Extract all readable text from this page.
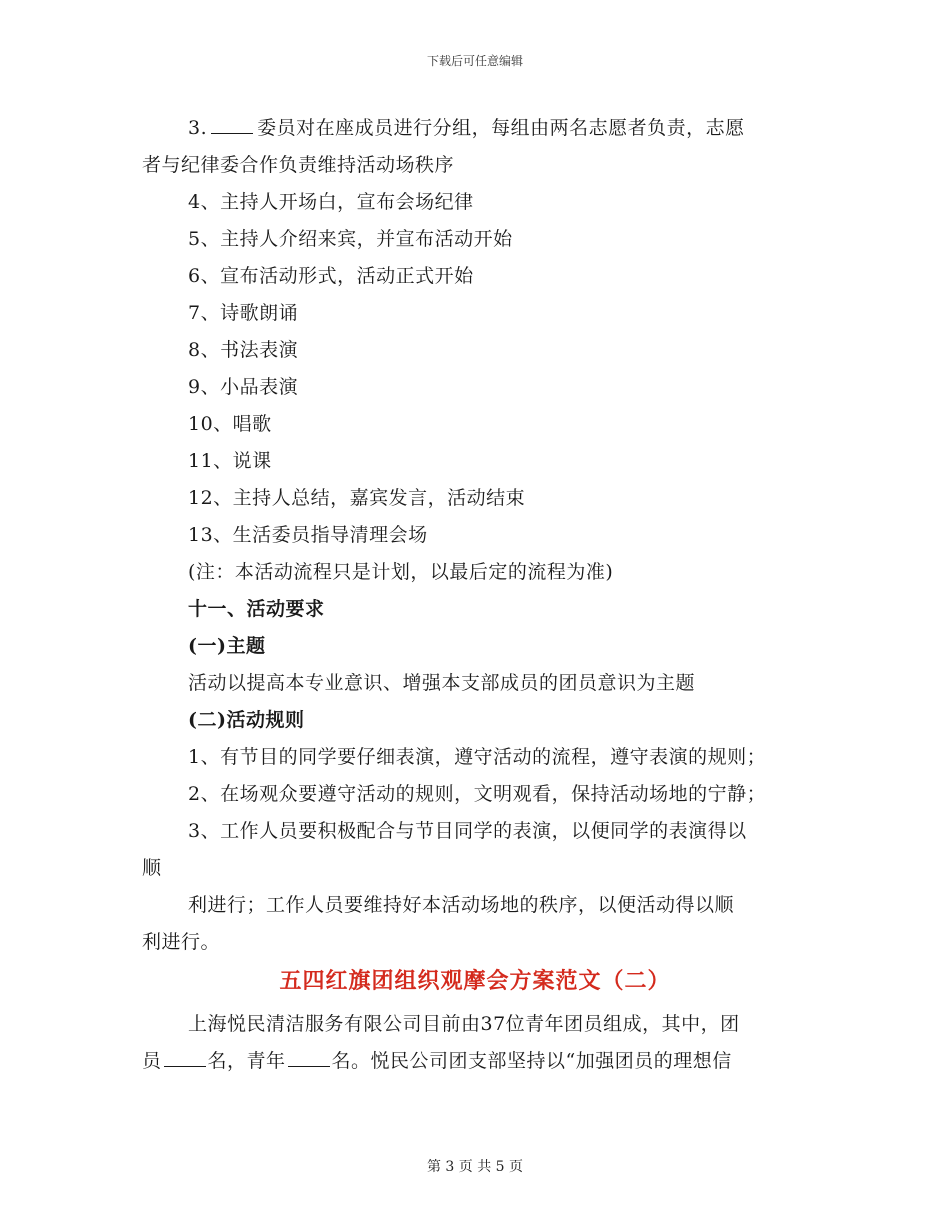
下载后可任意编辑
3.	委员对在座成员进行分组，每组由两名志愿者负责，志愿
者与纪律委合作负责维持活动场秩序
4、主持人开场白，宣布会场纪律
5、主持人介绍来宾，并宣布活动开始
6、宣布活动形式，活动正式开始
7、诗歌朗诵
8、书法表演
9、小品表演
10、唱歌
11、说课
12、主持人总结，嘉宾发言，活动结束
13、生活委员指导清理会场
(注：本活动流程只是计划，以最后定的流程为准)
十一、活动要求
(一)主题
活动以提高本专业意识、增强本支部成员的团员意识为主题
(二)活动规则
1、有节目的同学要仔细表演，遵守活动的流程，遵守表演的规则；
2、在场观众要遵守活动的规则，文明观看，保持活动场地的宁静；
3、工作人员要积极配合与节目同学的表演，以便同学的表演得以
顺
利进行；工作人员要维持好本活动场地的秩序，以便活动得以顺
利进行。
五四红旗团组织观摩会方案范文（二）
上海悦民清洁服务有限公司目前由37位青年团员组成，其中，团
员 名，青年 名。悦民公司团支部坚持以“加强团员的理想信
第 3 页 共 5 页
